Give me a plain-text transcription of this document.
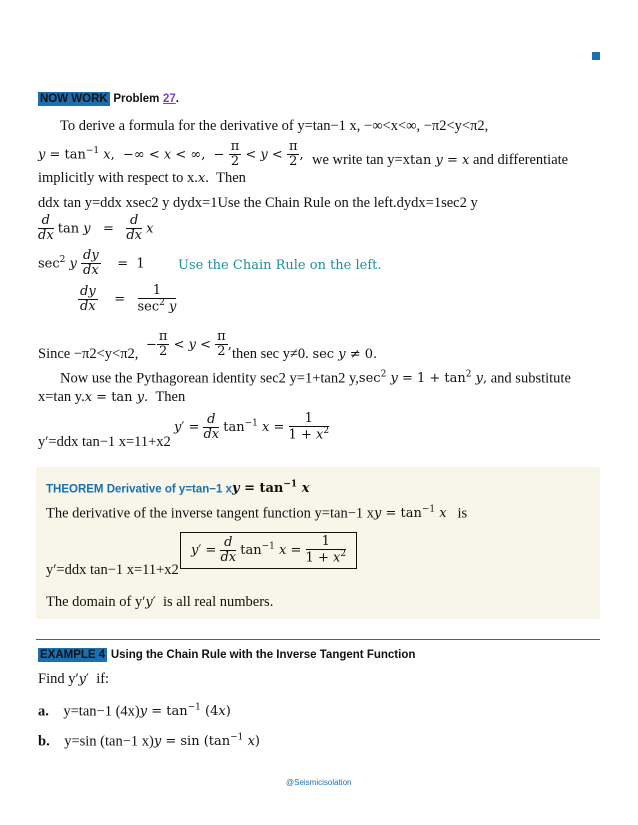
NOW WORK Problem 27.
To derive a formula for the derivative of y=tan−1 x, −∞<x<∞, −π2<y<π2,
$y = \tan^{-1} x$,  −∞ < x < ∞,  − $\frac{\pi}{2} < y < \frac{\pi}{2}$ , we write tan y=xtan y = x and differentiate
implicitly with respect to x.x.  Then
ddx tan y=ddx xsec2 y dydx=1Use the Chain Rule on the left.dydx=1sec2 y
$\frac{d}{dx}$ $\tan y = \frac{d}{dx}$ x
$\sec^2 y \frac{dy}{dx} = 1$	Use the Chain Rule on the left.
$\frac{dy}{dx} = \frac{1}{\sec^2 y}$
Since −π2<y<π2,
− $\frac{\pi}{2} < y < \frac{\pi}{2}$ ,
then sec y≠0. sec y ≠ 0.
Now use the Pythagorean identity sec2 y=1+tan2 $y,\sec^2$ $y = 1 + \tan^2 y$, and substitute
x=tan y.x = tan y. Then
y′=ddx tan−1 x=11+x2
$y' = \frac{d}{dx} \tan^{-1} x = \frac{1}{1 + x^2}$
THEOREM Derivative of y=tan−1 xy = $\tan^{-1} x$
The derivative of the inverse tangent function y=tan−1 xy = $\tan^{-1} x$ is
y′=ddx tan−1 x=11+x2
$y' = \frac{d}{dx} \tan^{-1} x = \frac{1}{1 + x^2}$
The domain of y′y′ is all real numbers.
EXAMPLE 4 Using the Chain Rule with the Inverse Tangent Function
Find y′y′ if:
a. y=tan−1 $(4x)y = \tan^{-1} (4x)$
b. y=sin (tan−1 $x)y = \sin (\tan^{-1}$ x)
@Seismicisolation
